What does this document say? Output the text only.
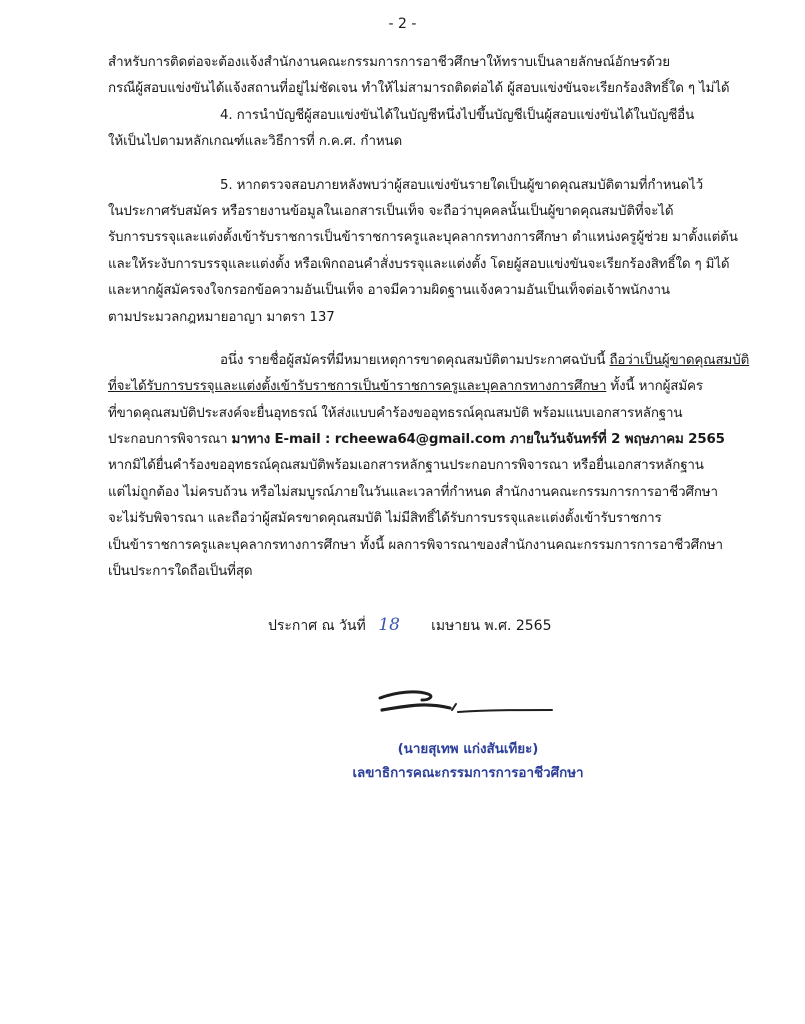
- 2 -
สำหรับการติดต่อจะต้องแจ้งสำนักงานคณะกรรมการการอาชีวศึกษาให้ทราบเป็นลายลักษณ์อักษรด้วย
กรณีผู้สอบแข่งขันได้แจ้งสถานที่อยู่ไม่ชัดเจน ทำให้ไม่สามารถติดต่อได้ ผู้สอบแข่งขันจะเรียกร้องสิทธิ์ใด ๆ ไม่ได้
4. การนำบัญชีผู้สอบแข่งขันได้ในบัญชีหนึ่งไปขึ้นบัญชีเป็นผู้สอบแข่งขันได้ในบัญชีอื่น
ให้เป็นไปตามหลักเกณฑ์และวิธีการที่ ก.ค.ศ. กำหนด
5. หากตรวจสอบภายหลังพบว่าผู้สอบแข่งขันรายใดเป็นผู้ขาดคุณสมบัติตามที่กำหนดไว้
ในประกาศรับสมัคร หรือรายงานข้อมูลในเอกสารเป็นเท็จ จะถือว่าบุคคลนั้นเป็นผู้ขาดคุณสมบัติที่จะได้
รับการบรรจุและแต่งตั้งเข้ารับราชการเป็นข้าราชการครูและบุคลากรทางการศึกษา ตำแหน่งครูผู้ช่วย มาตั้งแต่ต้น
และให้ระงับการบรรจุและแต่งตั้ง หรือเพิกถอนคำสั่งบรรจุและแต่งตั้ง โดยผู้สอบแข่งขันจะเรียกร้องสิทธิ์ใด ๆ มิได้
และหากผู้สมัครจงใจกรอกข้อความอันเป็นเท็จ อาจมีความผิดฐานแจ้งความอันเป็นเท็จต่อเจ้าพนักงาน
ตามประมวลกฎหมายอาญา มาตรา 137
อนึ่ง รายชื่อผู้สมัครที่มีหมายเหตุการขาดคุณสมบัติตามประกาศฉบับนี้ ถือว่าเป็นผู้ขาดคุณสมบัติ
ที่จะได้รับการบรรจุและแต่งตั้งเข้ารับราชการเป็นข้าราชการครูและบุคลากรทางการศึกษา ทั้งนี้ หากผู้สมัคร
ที่ขาดคุณสมบัติประสงค์จะยื่นอุทธรณ์ ให้ส่งแบบคำร้องขออุทธรณ์คุณสมบัติ พร้อมแนบเอกสารหลักฐาน
ประกอบการพิจารณา มาทาง E-mail : rcheewa64@gmail.com ภายในวันจันทร์ที่ 2 พฤษภาคม 2565
หากมิได้ยื่นคำร้องขออุทธรณ์คุณสมบัติพร้อมเอกสารหลักฐานประกอบการพิจารณา หรือยื่นเอกสารหลักฐาน
แต่ไม่ถูกต้อง ไม่ครบถ้วน หรือไม่สมบูรณ์ภายในวันและเวลาที่กำหนด สำนักงานคณะกรรมการการอาชีวศึกษา
จะไม่รับพิจารณา และถือว่าผู้สมัครขาดคุณสมบัติ ไม่มีสิทธิ์ได้รับการบรรจุและแต่งตั้งเข้ารับราชการ
เป็นข้าราชการครูและบุคลากรทางการศึกษา ทั้งนี้ ผลการพิจารณาของสำนักงานคณะกรรมการการอาชีวศึกษา
เป็นประการใดถือเป็นที่สุด
ประกาศ ณ วันที่ 18 เมษายน พ.ศ. 2565
(นายสุเทพ แก่งสันเทียะ)
เลขาธิการคณะกรรมการการอาชีวศึกษา
